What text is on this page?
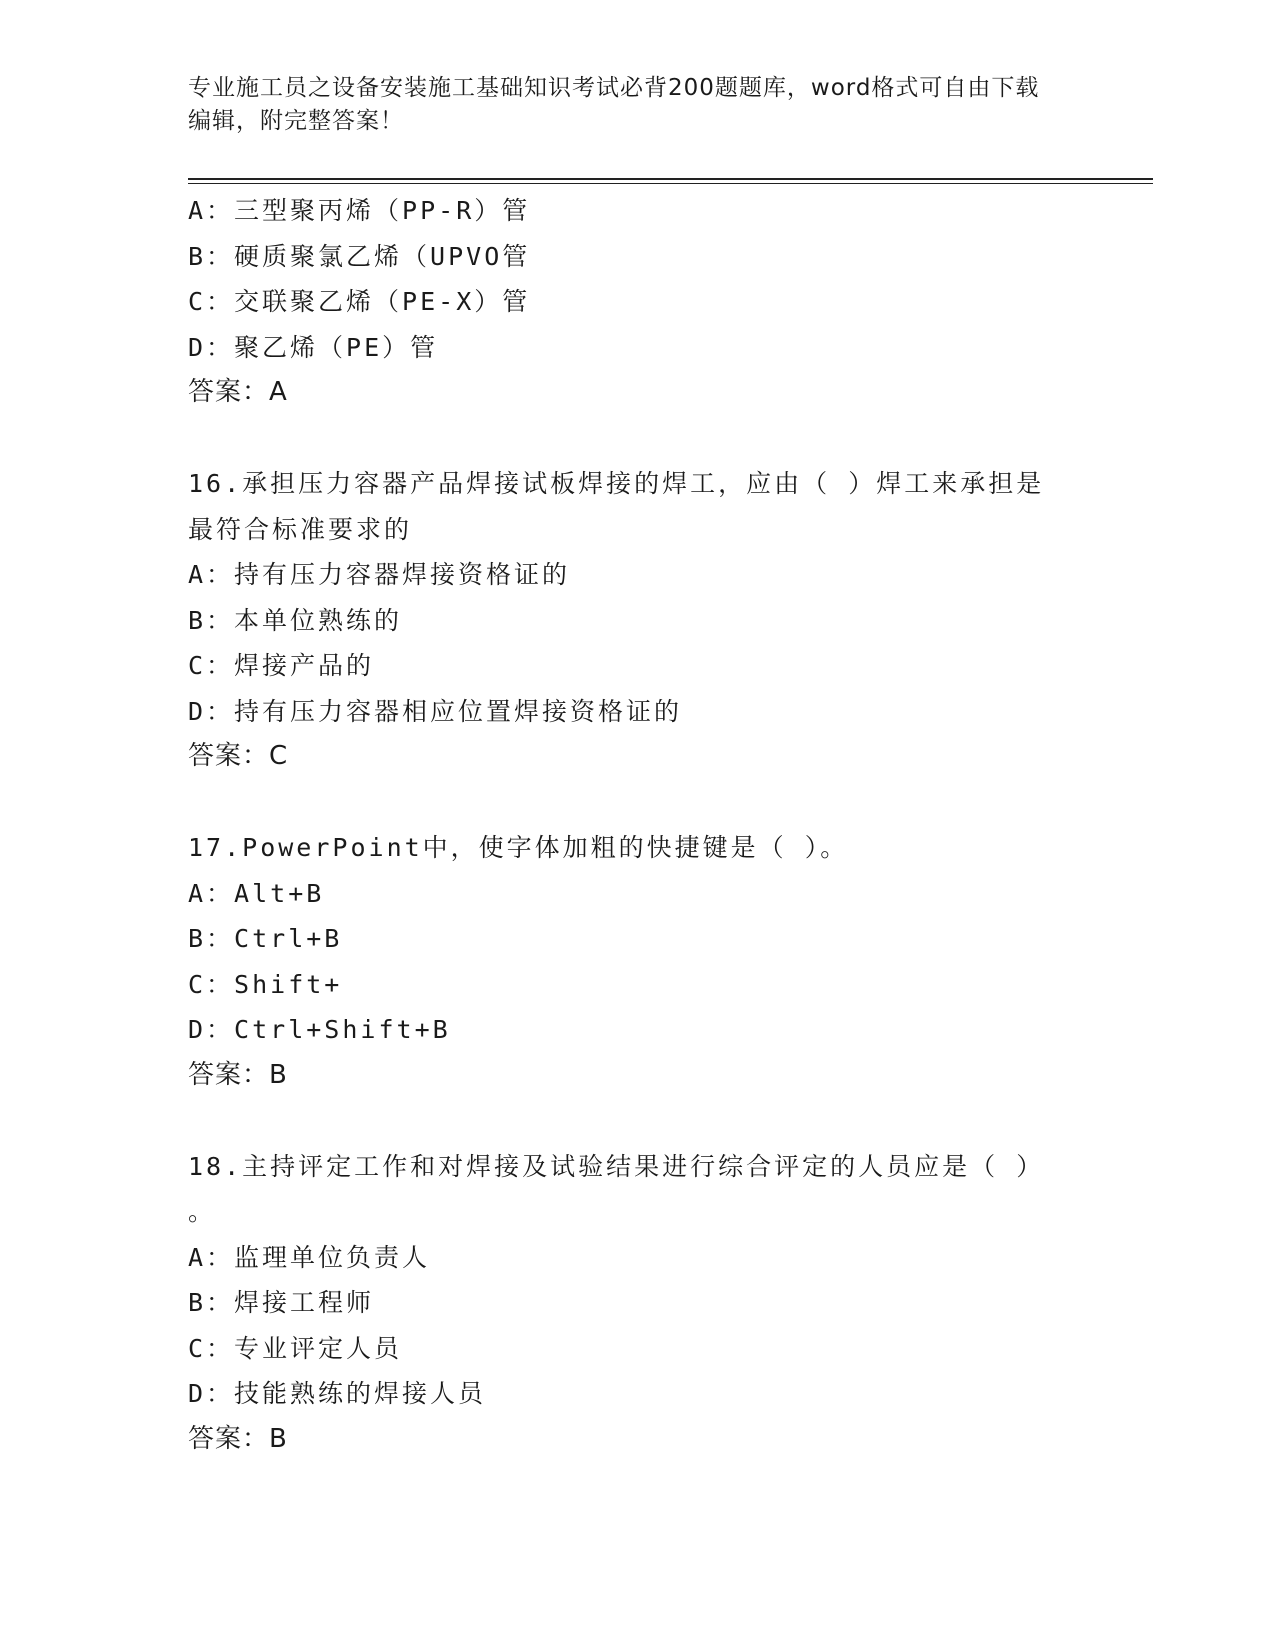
专业施工员之设备安装施工基础知识考试必背200题题库，word格式可自由下载
编辑，附完整答案！
A：三型聚丙烯（PP-R）管
B：硬质聚氯乙烯（UPVO管
C：交联聚乙烯（PE-X）管
D：聚乙烯（PE）管
答案：A
16.承担压力容器产品焊接试板焊接的焊工，应由（ ）焊工来承担是
最符合标准要求的
A：持有压力容器焊接资格证的
B：本单位熟练的
C：焊接产品的
D：持有压力容器相应位置焊接资格证的
答案：C
17.PowerPoint中，使字体加粗的快捷键是（ ）。
A：Alt+B
B：Ctrl+B
C：Shift+
D：Ctrl+Shift+B
答案：B
18.主持评定工作和对焊接及试验结果进行综合评定的人员应是（ ）
。
A：监理单位负责人
B：焊接工程师
C：专业评定人员
D：技能熟练的焊接人员
答案：B
